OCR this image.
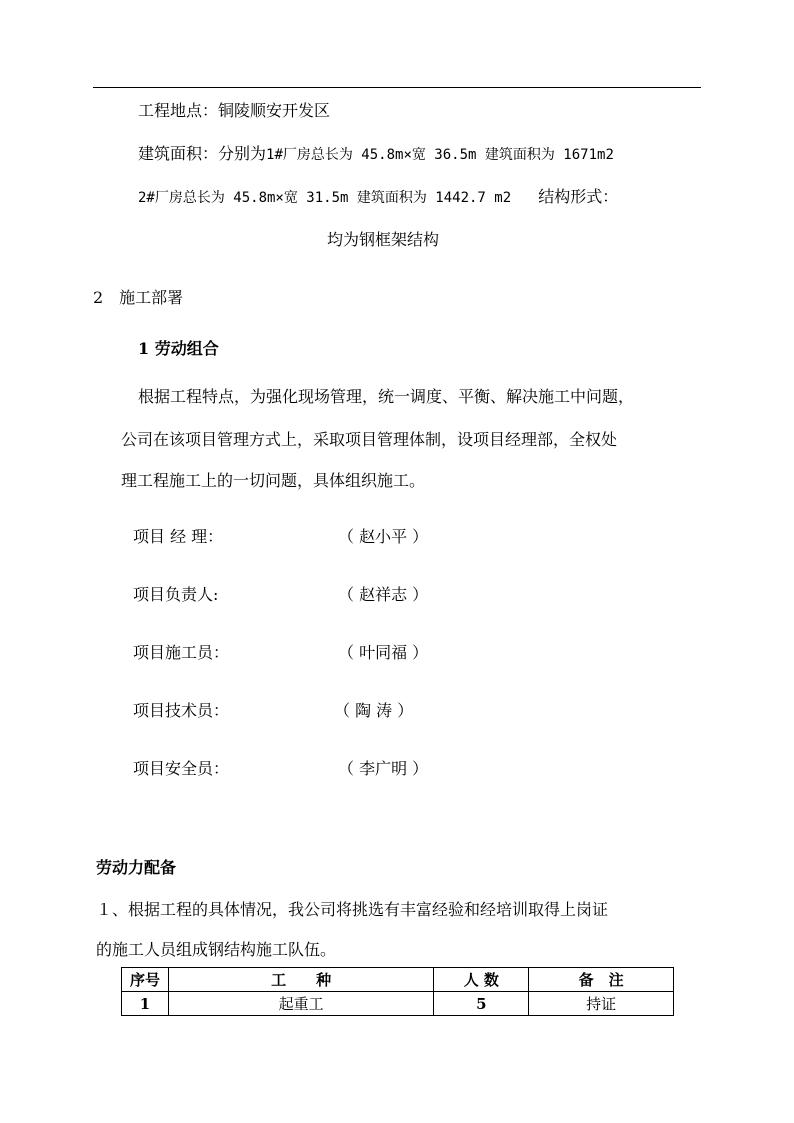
工程地点：铜陵顺安开发区
建筑面积：分别为1#厂房总长为 45.8m×宽 36.5m 建筑面积为 1671m2
2#厂房总长为 45.8m×宽 31.5m 建筑面积为 1442.7 m2 结构形式：
均为钢框架结构
2　施工部署
1 劳动组合
根据工程特点，为强化现场管理，统一调度、平衡、解决施工中问题，
公司在该项目管理方式上，采取项目管理体制，设项目经理部，全权处
理工程施工上的一切问题，具体组织施工。
项目 经 理：	（ 赵小平 ）
项目负责人:	（ 赵祥志 ）
项目施工员：	（ 叶同福 ）
项目技术员：	（ 陶 涛 ）
项目安全员：	（ 李广明 ）
劳动力配备
１、根据工程的具体情况，我公司将挑选有丰富经验和经培训取得上岗证
的施工人员组成钢结构施工队伍。
序号	工　　种	人 数	备　注
1	起重工	5	持证
